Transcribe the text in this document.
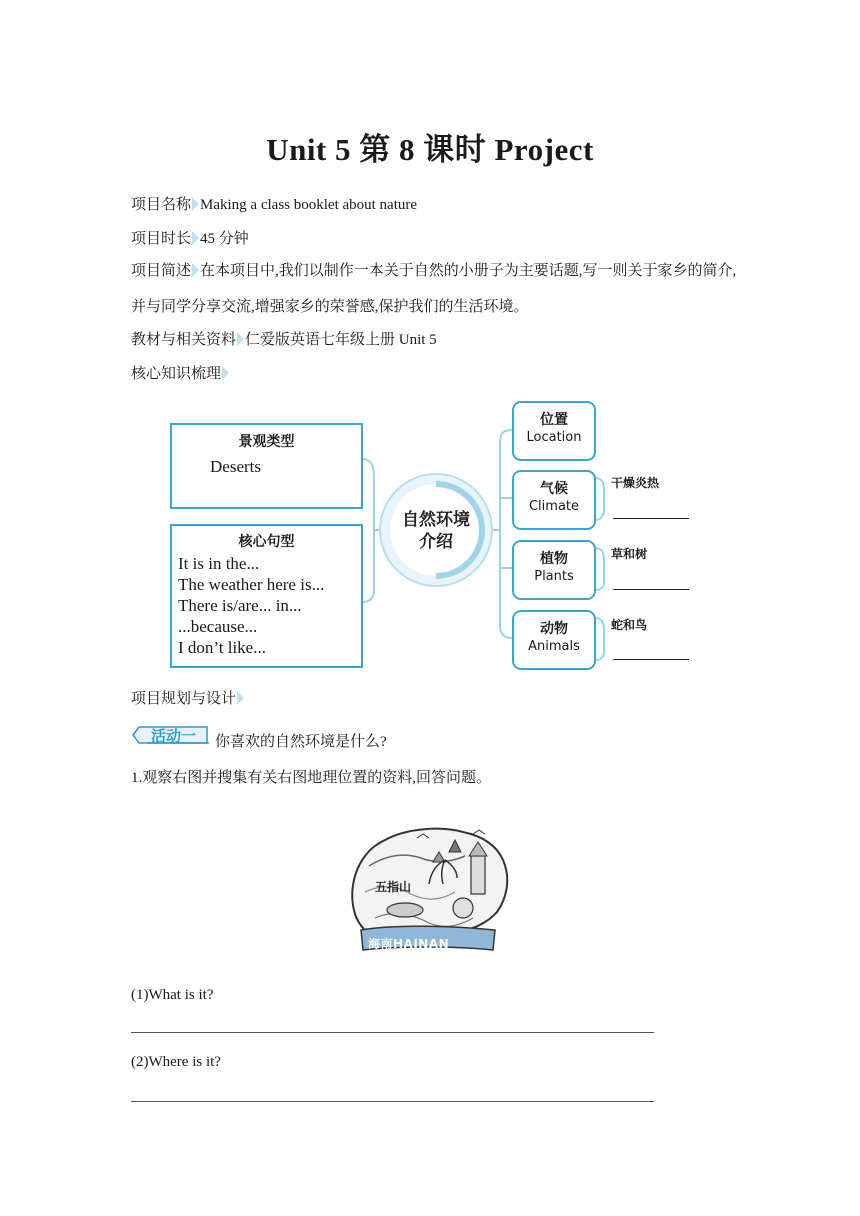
Unit 5 第 8 课时 Project
项目名称 Making a class booklet about nature
项目时长 45 分钟
项目简述 在本项目中,我们以制作一本关于自然的小册子为主要话题,写一则关于家乡的简介,并与同学分享交流,增强家乡的荣誉感,保护我们的生活环境。
教材与相关资料 仁爱版英语七年级上册 Unit 5
核心知识梳理
自然环境
介绍
景观类型
Deserts
核心句型
It is in the...
The weather here is...
There is/are... in...
...because...
I don’t like...
位置
Location
气候
Climate
植物
Plants
动物
Animals
干燥炎热
草和树
蛇和鸟
项目规划与设计
活动一 你喜欢的自然环境是什么?
1.观察右图并搜集有关右图地理位置的资料,回答问题。
五指山
海南HAINAN
(1)What is it?
(2)Where is it?
